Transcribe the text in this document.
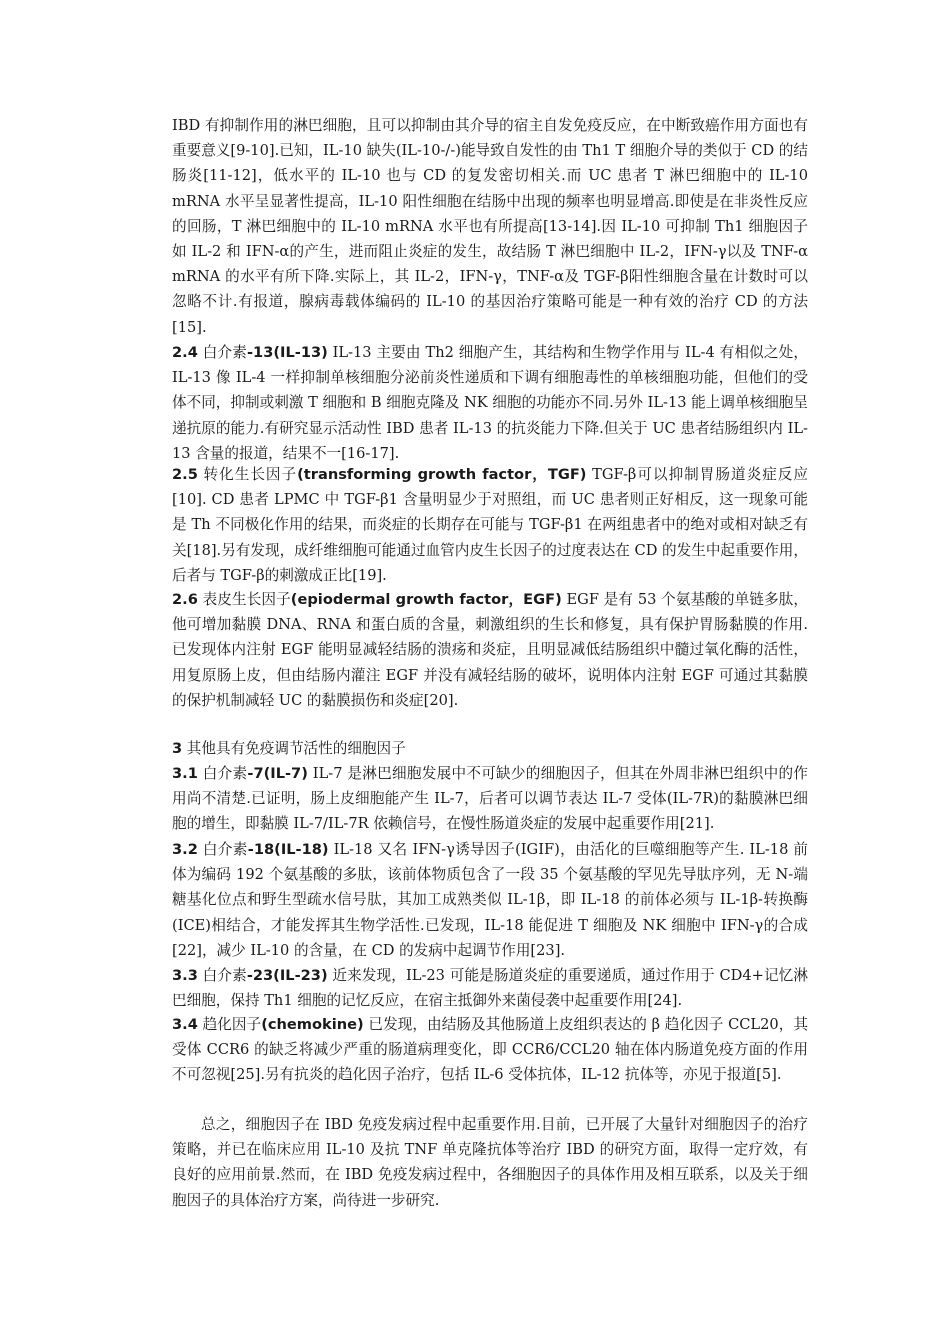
IBD 有抑制作用的淋巴细胞，且可以抑制由其介导的宿主自发免疫反应，在中断致癌作用方面也有重要意义[9-10].已知，IL-10 缺失(IL-10-/-)能导致自发性的由 Th1 T 细胞介导的类似于 CD 的结肠炎[11-12]，低水平的 IL-10 也与 CD 的复发密切相关.而 UC 患者 T 淋巴细胞中的 IL-10 mRNA 水平呈显著性提高，IL-10 阳性细胞在结肠中出现的频率也明显增高.即使是在非炎性反应的回肠，T 淋巴细胞中的 IL-10 mRNA 水平也有所提高[13-14].因 IL-10 可抑制 Th1 细胞因子如 IL-2 和 IFN-α的产生，进而阻止炎症的发生，故结肠 T 淋巴细胞中 IL-2，IFN-γ以及 TNF-α mRNA 的水平有所下降.实际上，其 IL-2，IFN-γ，TNF-α及 TGF-β阳性细胞含量在计数时可以忽略不计.有报道，腺病毒载体编码的 IL-10 的基因治疗策略可能是一种有效的治疗 CD 的方法[15].

2.4 白介素-13(IL-13) IL-13 主要由 Th2 细胞产生，其结构和生物学作用与 IL-4 有相似之处，IL-13 像 IL-4 一样抑制单核细胞分泌前炎性递质和下调有细胞毒性的单核细胞功能，但他们的受体不同，抑制或刺激 T 细胞和 B 细胞克隆及 NK 细胞的功能亦不同.另外 IL-13 能上调单核细胞呈递抗原的能力.有研究显示活动性 IBD 患者 IL-13 的抗炎能力下降.但关于 UC 患者结肠组织内 IL-13 含量的报道，结果不一[16-17].

2.5 转化生长因子(transforming growth factor，TGF) TGF-β可以抑制胃肠道炎症反应[10]. CD 患者 LPMC 中 TGF-β1 含量明显少于对照组，而 UC 患者则正好相反，这一现象可能是 Th 不同极化作用的结果，而炎症的长期存在可能与 TGF-β1 在两组患者中的绝对或相对缺乏有关[18].另有发现，成纤维细胞可能通过血管内皮生长因子的过度表达在 CD 的发生中起重要作用，后者与 TGF-β的刺激成正比[19].

2.6 表皮生长因子(epiodermal growth factor，EGF) EGF 是有 53 个氨基酸的单链多肽，他可增加黏膜 DNA、RNA 和蛋白质的含量，刺激组织的生长和修复，具有保护胃肠黏膜的作用.已发现体内注射 EGF 能明显减轻结肠的溃疡和炎症，且明显减低结肠组织中髓过氧化酶的活性，用复原肠上皮，但由结肠内灌注 EGF 并没有减轻结肠的破坏，说明体内注射 EGF 可通过其黏膜的保护机制减轻 UC 的黏膜损伤和炎症[20].

3 其他具有免疫调节活性的细胞因子

3.1 白介素-7(IL-7) IL-7 是淋巴细胞发展中不可缺少的细胞因子，但其在外周非淋巴组织中的作用尚不清楚.已证明，肠上皮细胞能产生 IL-7，后者可以调节表达 IL-7 受体(IL-7R)的黏膜淋巴细胞的增生，即黏膜 IL-7/IL-7R 依赖信号，在慢性肠道炎症的发展中起重要作用[21].

3.2 白介素-18(IL-18) IL-18 又名 IFN-γ诱导因子(IGIF)，由活化的巨噬细胞等产生. IL-18 前体为编码 192 个氨基酸的多肽，该前体物质包含了一段 35 个氨基酸的罕见先导肽序列，无 N-端糖基化位点和野生型疏水信号肽，其加工成熟类似 IL-1β，即 IL-18 的前体必须与 IL-1β-转换酶(ICE)相结合，才能发挥其生物学活性.已发现，IL-18 能促进 T 细胞及 NK 细胞中 IFN-γ的合成[22]，减少 IL-10 的含量，在 CD 的发病中起调节作用[23].

3.3 白介素-23(IL-23) 近来发现，IL-23 可能是肠道炎症的重要递质，通过作用于 CD4+记忆淋巴细胞，保持 Th1 细胞的记忆反应，在宿主抵御外来菌侵袭中起重要作用[24].

3.4 趋化因子(chemokine) 已发现，由结肠及其他肠道上皮组织表达的 β 趋化因子 CCL20，其受体 CCR6 的缺乏将减少严重的肠道病理变化，即 CCR6/CCL20 轴在体内肠道免疫方面的作用不可忽视[25].另有抗炎的趋化因子治疗，包括 IL-6 受体抗体，IL-12 抗体等，亦见于报道[5].

总之，细胞因子在 IBD 免疫发病过程中起重要作用.目前，已开展了大量针对细胞因子的治疗策略，并已在临床应用 IL-10 及抗 TNF 单克隆抗体等治疗 IBD 的研究方面，取得一定疗效，有良好的应用前景.然而，在 IBD 免疫发病过程中，各细胞因子的具体作用及相互联系，以及关于细胞因子的具体治疗方案，尚待进一步研究.
